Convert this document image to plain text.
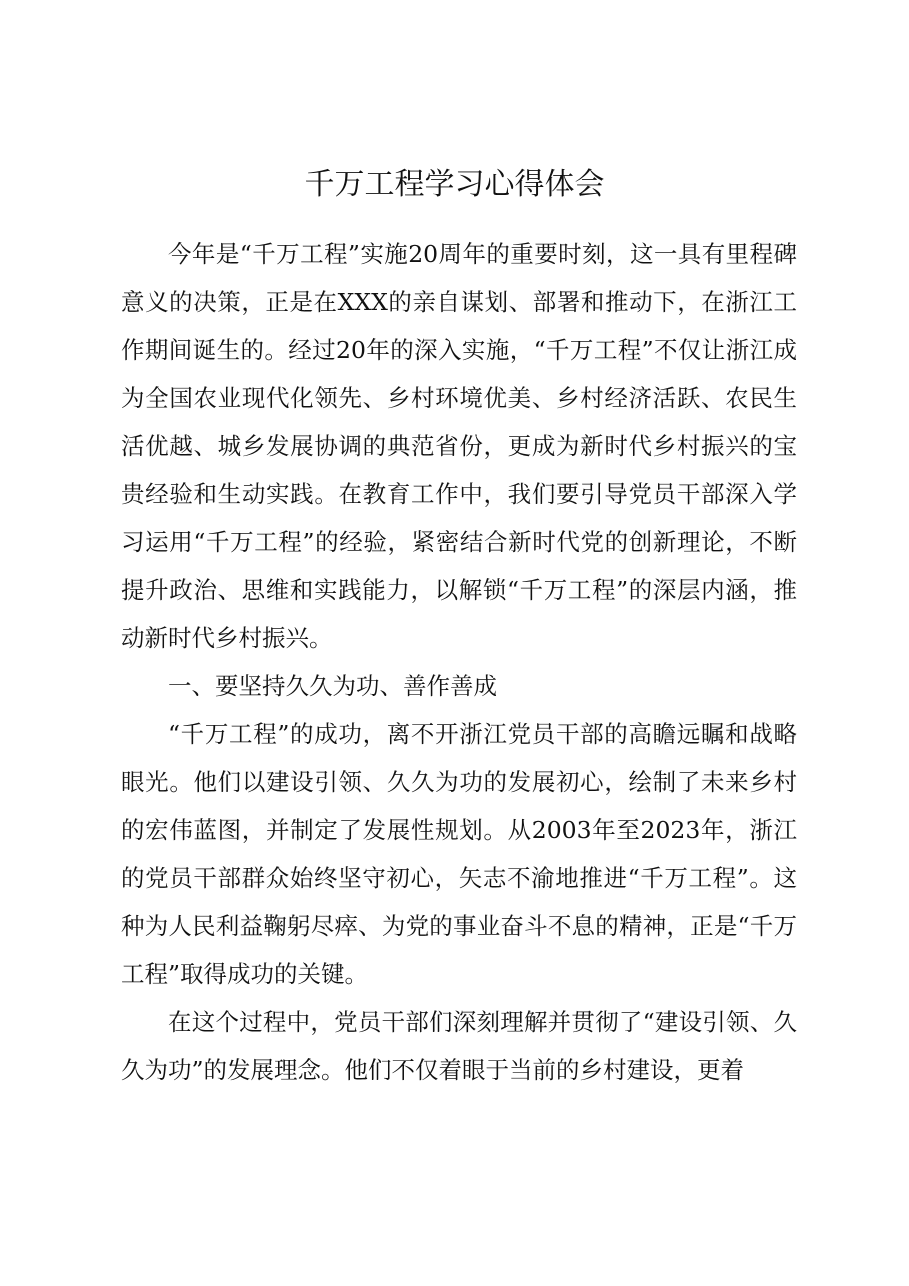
千万工程学习心得体会

今年是“千万工程”实施20周年的重要时刻，这一具有里程碑意义的决策，正是在XXX的亲自谋划、部署和推动下，在浙江工作期间诞生的。经过20年的深入实施，“千万工程”不仅让浙江成为全国农业现代化领先、乡村环境优美、乡村经济活跃、农民生活优越、城乡发展协调的典范省份，更成为新时代乡村振兴的宝贵经验和生动实践。在教育工作中，我们要引导党员干部深入学习运用“千万工程”的经验，紧密结合新时代党的创新理论，不断提升政治、思维和实践能力，以解锁“千万工程”的深层内涵，推动新时代乡村振兴。

一、要坚持久久为功、善作善成

“千万工程”的成功，离不开浙江党员干部的高瞻远瞩和战略眼光。他们以建设引领、久久为功的发展初心，绘制了未来乡村的宏伟蓝图，并制定了发展性规划。从2003年至2023年，浙江的党员干部群众始终坚守初心，矢志不渝地推进“千万工程”。这种为人民利益鞠躬尽瘁、为党的事业奋斗不息的精神，正是“千万工程”取得成功的关键。

在这个过程中，党员干部们深刻理解并贯彻了“建设引领、久久为功”的发展理念。他们不仅着眼于当前的乡村建设，更着
